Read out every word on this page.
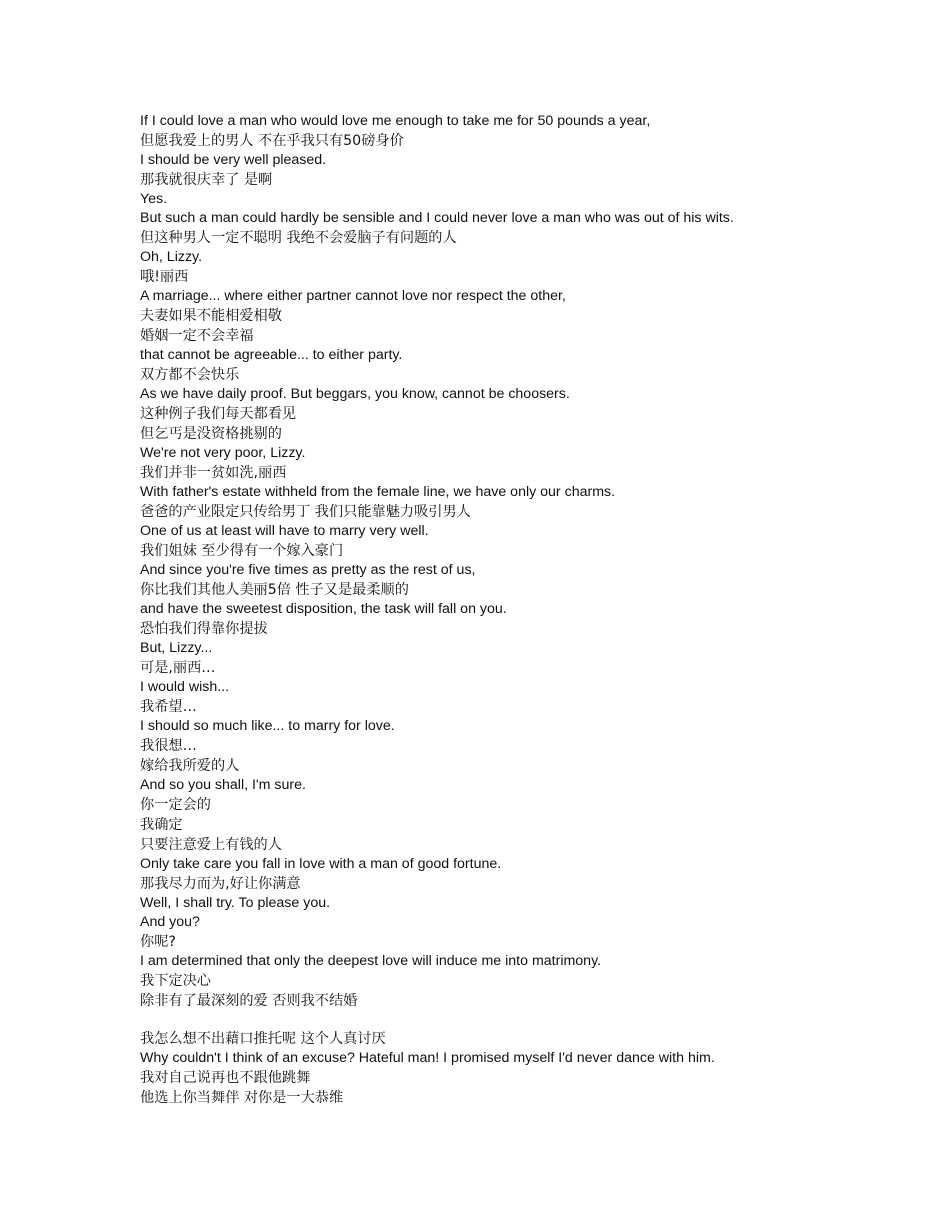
If I could love a man who would love me enough to take me for 50 pounds a year,
但愿我爱上的男人 不在乎我只有50磅身价
I should be very well pleased.
那我就很庆幸了 是啊
Yes.
But such a man could hardly be sensible and I could never love a man who was out of his wits.
但这种男人一定不聪明 我绝不会爱脑子有问题的人
Oh, Lizzy.
哦!丽西
A marriage... where either partner cannot love nor respect the other,
夫妻如果不能相爱相敬
婚姻一定不会幸福
that cannot be agreeable... to either party.
双方都不会快乐
As we have daily proof. But beggars, you know, cannot be choosers.
这种例子我们每天都看见
但乞丐是没资格挑剔的
We're not very poor, Lizzy.
我们并非一贫如洗,丽西
With father's estate withheld from the female line, we have only our charms.
爸爸的产业限定只传给男丁 我们只能靠魅力吸引男人
One of us at least will have to marry very well.
我们姐妹 至少得有一个嫁入豪门
And since you're five times as pretty as the rest of us,
你比我们其他人美丽5倍 性子又是最柔顺的
and have the sweetest disposition, the task will fall on you.
恐怕我们得靠你提拔
But, Lizzy...
可是,丽西…
I would wish...
我希望…
I should so much like... to marry for love.
我很想…
嫁给我所爱的人
And so you shall, I'm sure.
你一定会的
我确定
只要注意爱上有钱的人
Only take care you fall in love with a man of good fortune.
那我尽力而为,好让你满意
Well, I shall try. To please you.
And you?
你呢?
I am determined that only the deepest love will induce me into matrimony.
我下定决心
除非有了最深刻的爱 否则我不结婚
我怎么想不出藉口推托呢 这个人真讨厌
Why couldn't I think of an excuse? Hateful man! I promised myself I'd never dance with him.
我对自己说再也不跟他跳舞
他选上你当舞伴 对你是一大恭维
